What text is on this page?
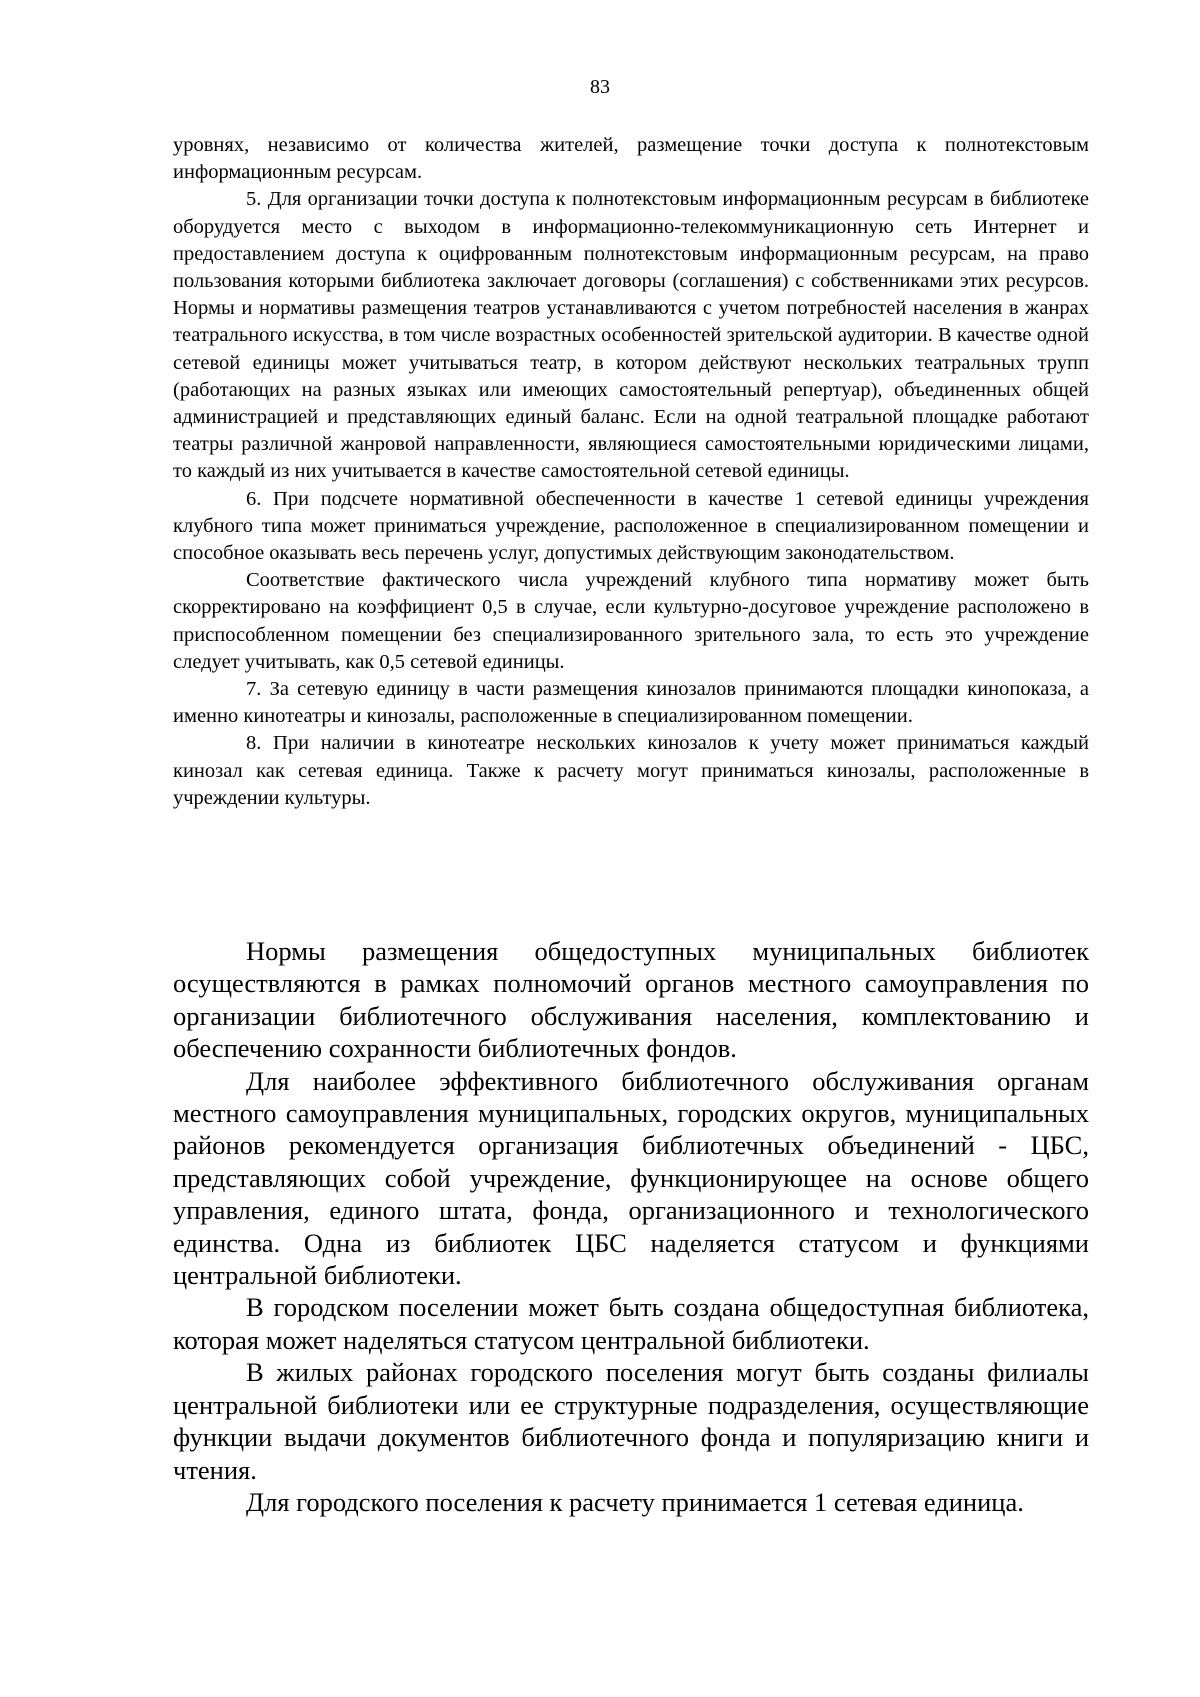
83

уровнях, независимо от количества жителей, размещение точки доступа к полнотекстовым информационным ресурсам.

5. Для организации точки доступа к полнотекстовым информационным ресурсам в библиотеке оборудуется место с выходом в информационно-телекоммуникационную сеть Интернет и предоставлением доступа к оцифрованным полнотекстовым информационным ресурсам, на право пользования которыми библиотека заключает договоры (соглашения) с собственниками этих ресурсов. Нормы и нормативы размещения театров устанавливаются с учетом потребностей населения в жанрах театрального искусства, в том числе возрастных особенностей зрительской аудитории. В качестве одной сетевой единицы может учитываться театр, в котором действуют нескольких театральных трупп (работающих на разных языках или имеющих самостоятельный репертуар), объединенных общей администрацией и представляющих единый баланс. Если на одной театральной площадке работают театры различной жанровой направленности, являющиеся самостоятельными юридическими лицами, то каждый из них учитывается в качестве самостоятельной сетевой единицы.

6. При подсчете нормативной обеспеченности в качестве 1 сетевой единицы учреждения клубного типа может приниматься учреждение, расположенное в специализированном помещении и способное оказывать весь перечень услуг, допустимых действующим законодательством.

Соответствие фактического числа учреждений клубного типа нормативу может быть скорректировано на коэффициент 0,5 в случае, если культурно-досуговое учреждение расположено в приспособленном помещении без специализированного зрительного зала, то есть это учреждение следует учитывать, как 0,5 сетевой единицы.

7. За сетевую единицу в части размещения кинозалов принимаются площадки кинопоказа, а именно кинотеатры и кинозалы, расположенные в специализированном помещении.

8. При наличии в кинотеатре нескольких кинозалов к учету может приниматься каждый кинозал как сетевая единица. Также к расчету могут приниматься кинозалы, расположенные в учреждении культуры.

Нормы размещения общедоступных муниципальных библиотек осуществляются в рамках полномочий органов местного самоуправления по организации библиотечного обслуживания населения, комплектованию и обеспечению сохранности библиотечных фондов.

Для наиболее эффективного библиотечного обслуживания органам местного самоуправления муниципальных, городских округов, муниципальных районов рекомендуется организация библиотечных объединений - ЦБС, представляющих собой учреждение, функционирующее на основе общего управления, единого штата, фонда, организационного и технологического единства. Одна из библиотек ЦБС наделяется статусом и функциями центральной библиотеки.

В городском поселении может быть создана общедоступная библиотека, которая может наделяться статусом центральной библиотеки.

В жилых районах городского поселения могут быть созданы филиалы центральной библиотеки или ее структурные подразделения, осуществляющие функции выдачи документов библиотечного фонда и популяризацию книги и чтения.

Для городского поселения к расчету принимается 1 сетевая единица.
